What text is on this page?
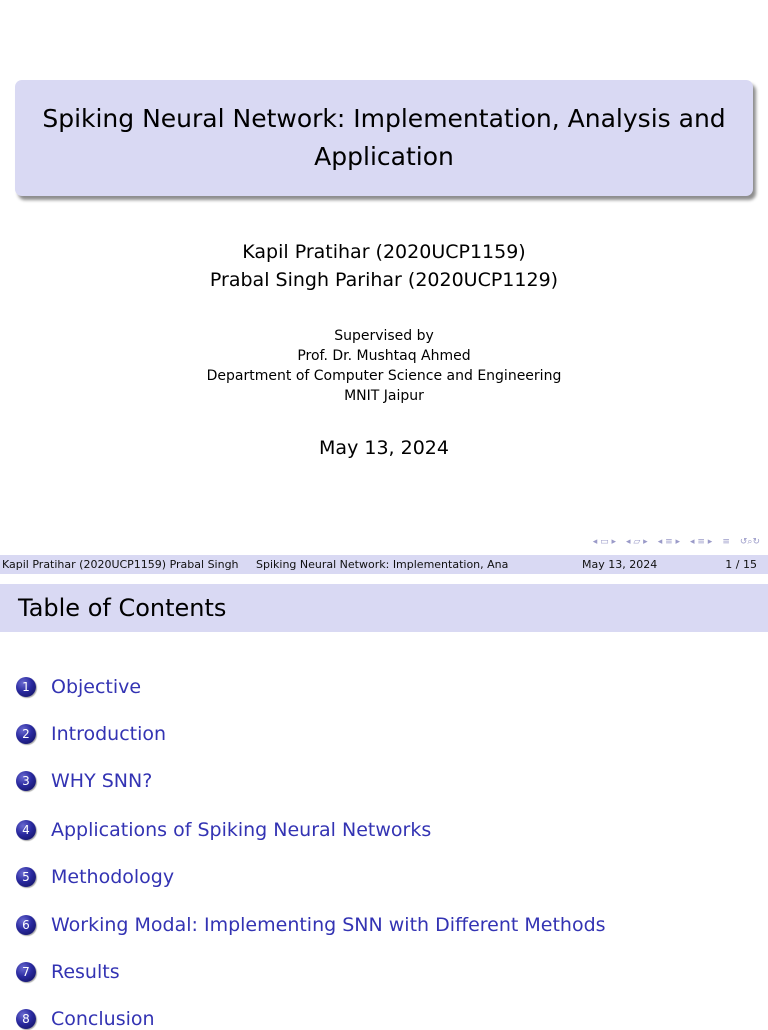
Spiking Neural Network: Implementation, Analysis and Application
Kapil Pratihar (2020UCP1159)
Prabal Singh Parihar (2020UCP1129)
Supervised by
Prof. Dr. Mushtaq Ahmed
Department of Computer Science and Engineering
MNIT Jaipur
May 13, 2024
◂ ▭ ▸ ◂ ▱ ▸ ◂ ≡ ▸ ◂ ≡ ▸ ≡ ↺⌕↻
Kapil Pratihar (2020UCP1159) Prabal Singh	Spiking Neural Network: Implementation, Ana	May 13, 2024	1 / 15
Table of Contents
1	Objective
2	Introduction
3	WHY SNN?
4	Applications of Spiking Neural Networks
5	Methodology
6	Working Modal: Implementing SNN with Different Methods
7	Results
8	Conclusion
